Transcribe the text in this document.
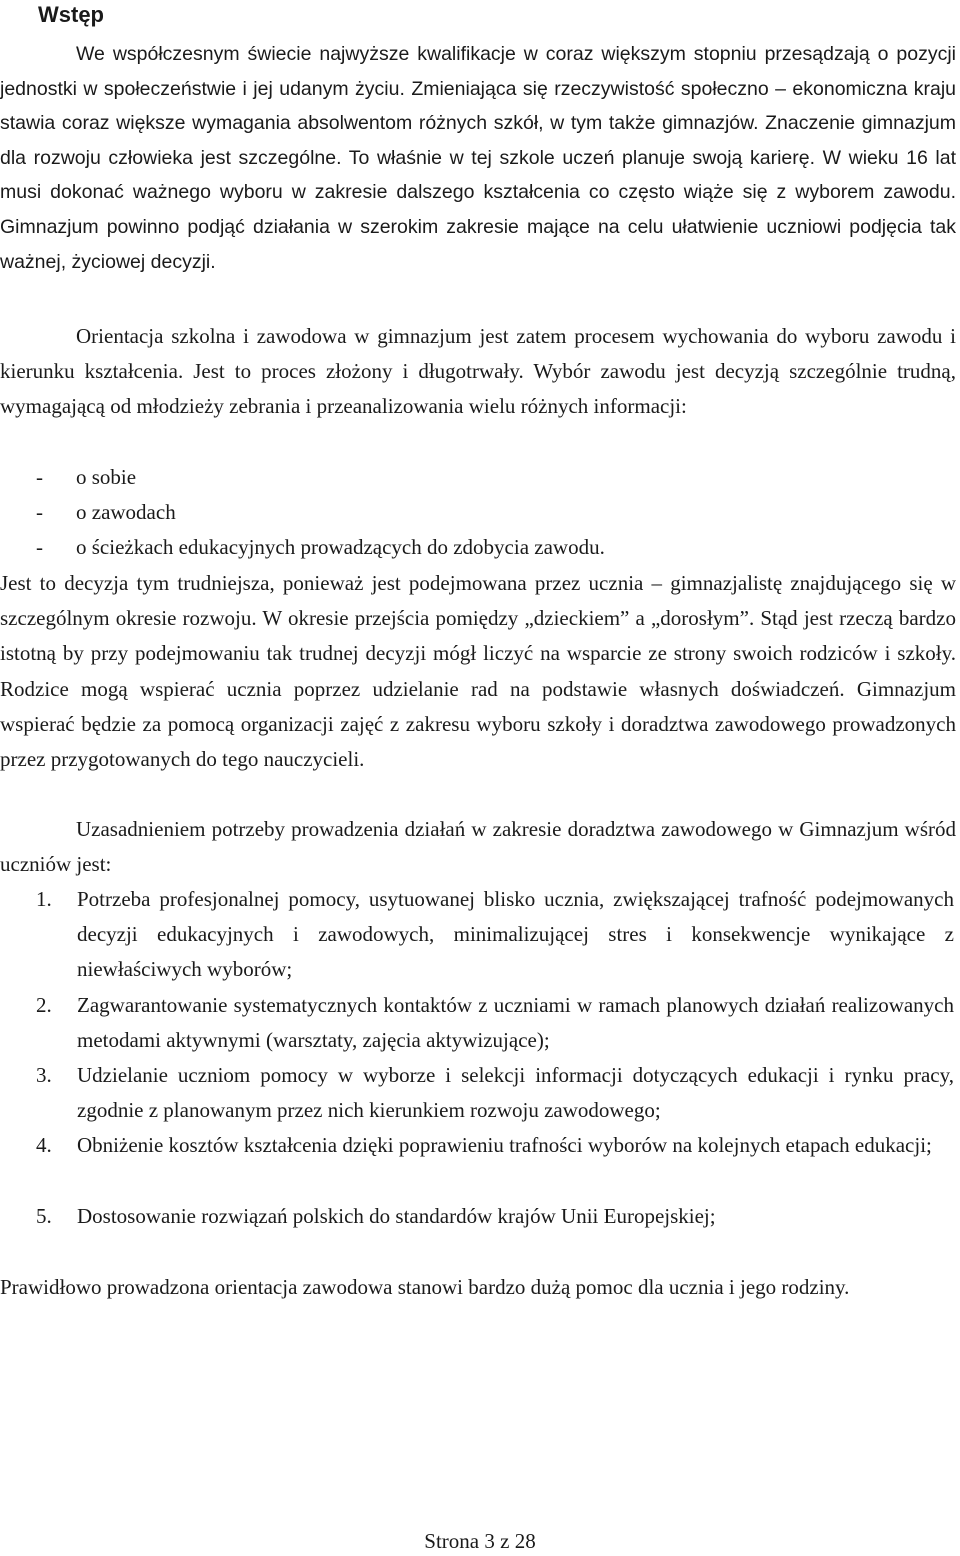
Wstęp

We współczesnym świecie najwyższe kwalifikacje w coraz większym stopniu przesądzają o pozycji jednostki w społeczeństwie i jej udanym życiu. Zmieniająca się rzeczywistość społeczno – ekonomiczna kraju stawia coraz większe wymagania absolwentom różnych szkół, w tym także gimnazjów. Znaczenie gimnazjum dla rozwoju człowieka jest szczególne. To właśnie w tej szkole uczeń planuje swoją karierę. W wieku 16 lat musi dokonać ważnego wyboru w zakresie dalszego kształcenia co często wiąże się z wyborem zawodu. Gimnazjum powinno podjąć działania w szerokim zakresie mające na celu ułatwienie uczniowi podjęcia tak ważnej, życiowej decyzji.

Orientacja szkolna i zawodowa w gimnazjum jest zatem procesem wychowania do wyboru zawodu i kierunku kształcenia. Jest to proces złożony i długotrwały. Wybór zawodu jest decyzją szczególnie trudną, wymagającą od młodzieży zebrania i przeanalizowania wielu różnych informacji:

- o sobie

- o zawodach

- o ścieżkach edukacyjnych prowadzących do zdobycia zawodu.

Jest to decyzja tym trudniejsza, ponieważ jest podejmowana przez ucznia – gimnazjalistę znajdującego się w szczególnym okresie rozwoju. W okresie przejścia pomiędzy „dzieckiem” a „dorosłym”. Stąd jest rzeczą bardzo istotną by przy podejmowaniu tak trudnej decyzji mógł liczyć na wsparcie ze strony swoich rodziców i szkoły. Rodzice mogą wspierać ucznia poprzez udzielanie rad na podstawie własnych doświadczeń. Gimnazjum wspierać będzie za pomocą organizacji zajęć z zakresu wyboru szkoły i doradztwa zawodowego prowadzonych przez przygotowanych do tego nauczycieli.

Uzasadnieniem potrzeby prowadzenia działań w zakresie doradztwa zawodowego w Gimnazjum wśród uczniów jest:

1. Potrzeba profesjonalnej pomocy, usytuowanej blisko ucznia, zwiększającej trafność podejmowanych decyzji edukacyjnych i zawodowych, minimalizującej stres i konsekwencje wynikające z niewłaściwych wyborów;
2. Zagwarantowanie systematycznych kontaktów z uczniami w ramach planowych działań realizowanych metodami aktywnymi (warsztaty, zajęcia aktywizujące);
3. Udzielanie uczniom pomocy w wyborze i selekcji informacji dotyczących edukacji i rynku pracy, zgodnie z planowanym przez nich kierunkiem rozwoju zawodowego;
4. Obniżenie kosztów kształcenia dzięki poprawieniu trafności wyborów na kolejnych etapach edukacji;
5. Dostosowanie rozwiązań polskich do standardów krajów Unii Europejskiej;

Prawidłowo prowadzona orientacja zawodowa stanowi bardzo dużą pomoc dla ucznia i jego rodziny.

Strona 3 z 28
